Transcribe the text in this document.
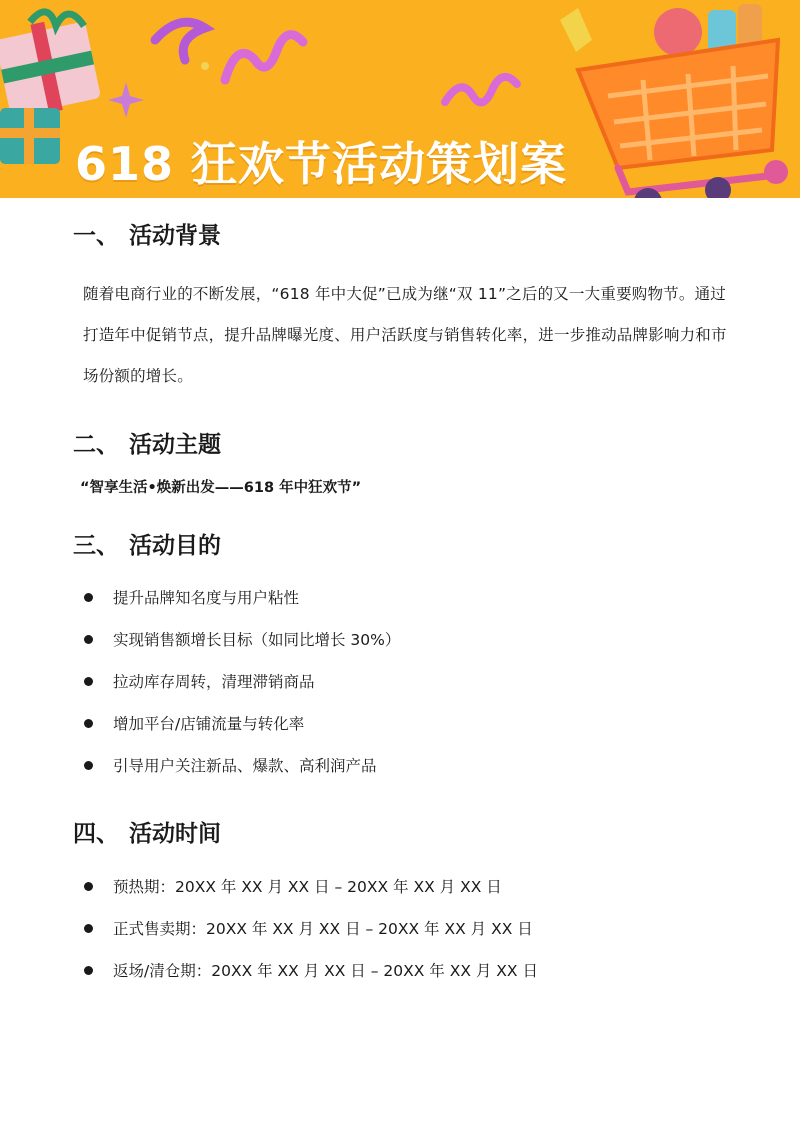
618 狂欢节活动策划案
一、 活动背景
随着电商行业的不断发展，“618 年中大促”已成为继“双 11”之后的又一大重要购物节。通过打造年中促销节点，提升品牌曝光度、用户活跃度与销售转化率，进一步推动品牌影响力和市场份额的增长。
二、 活动主题
“智享生活•焕新出发——618 年中狂欢节”
三、 活动目的
提升品牌知名度与用户粘性
实现销售额增长目标（如同比增长 30%）
拉动库存周转，清理滞销商品
增加平台/店铺流量与转化率
引导用户关注新品、爆款、高利润产品
四、 活动时间
预热期：20XX 年 XX 月 XX 日 – 20XX 年 XX 月 XX 日
正式售卖期：20XX 年 XX 月 XX 日 – 20XX 年 XX 月 XX 日
返场/清仓期：20XX 年 XX 月 XX 日 – 20XX 年 XX 月 XX 日
